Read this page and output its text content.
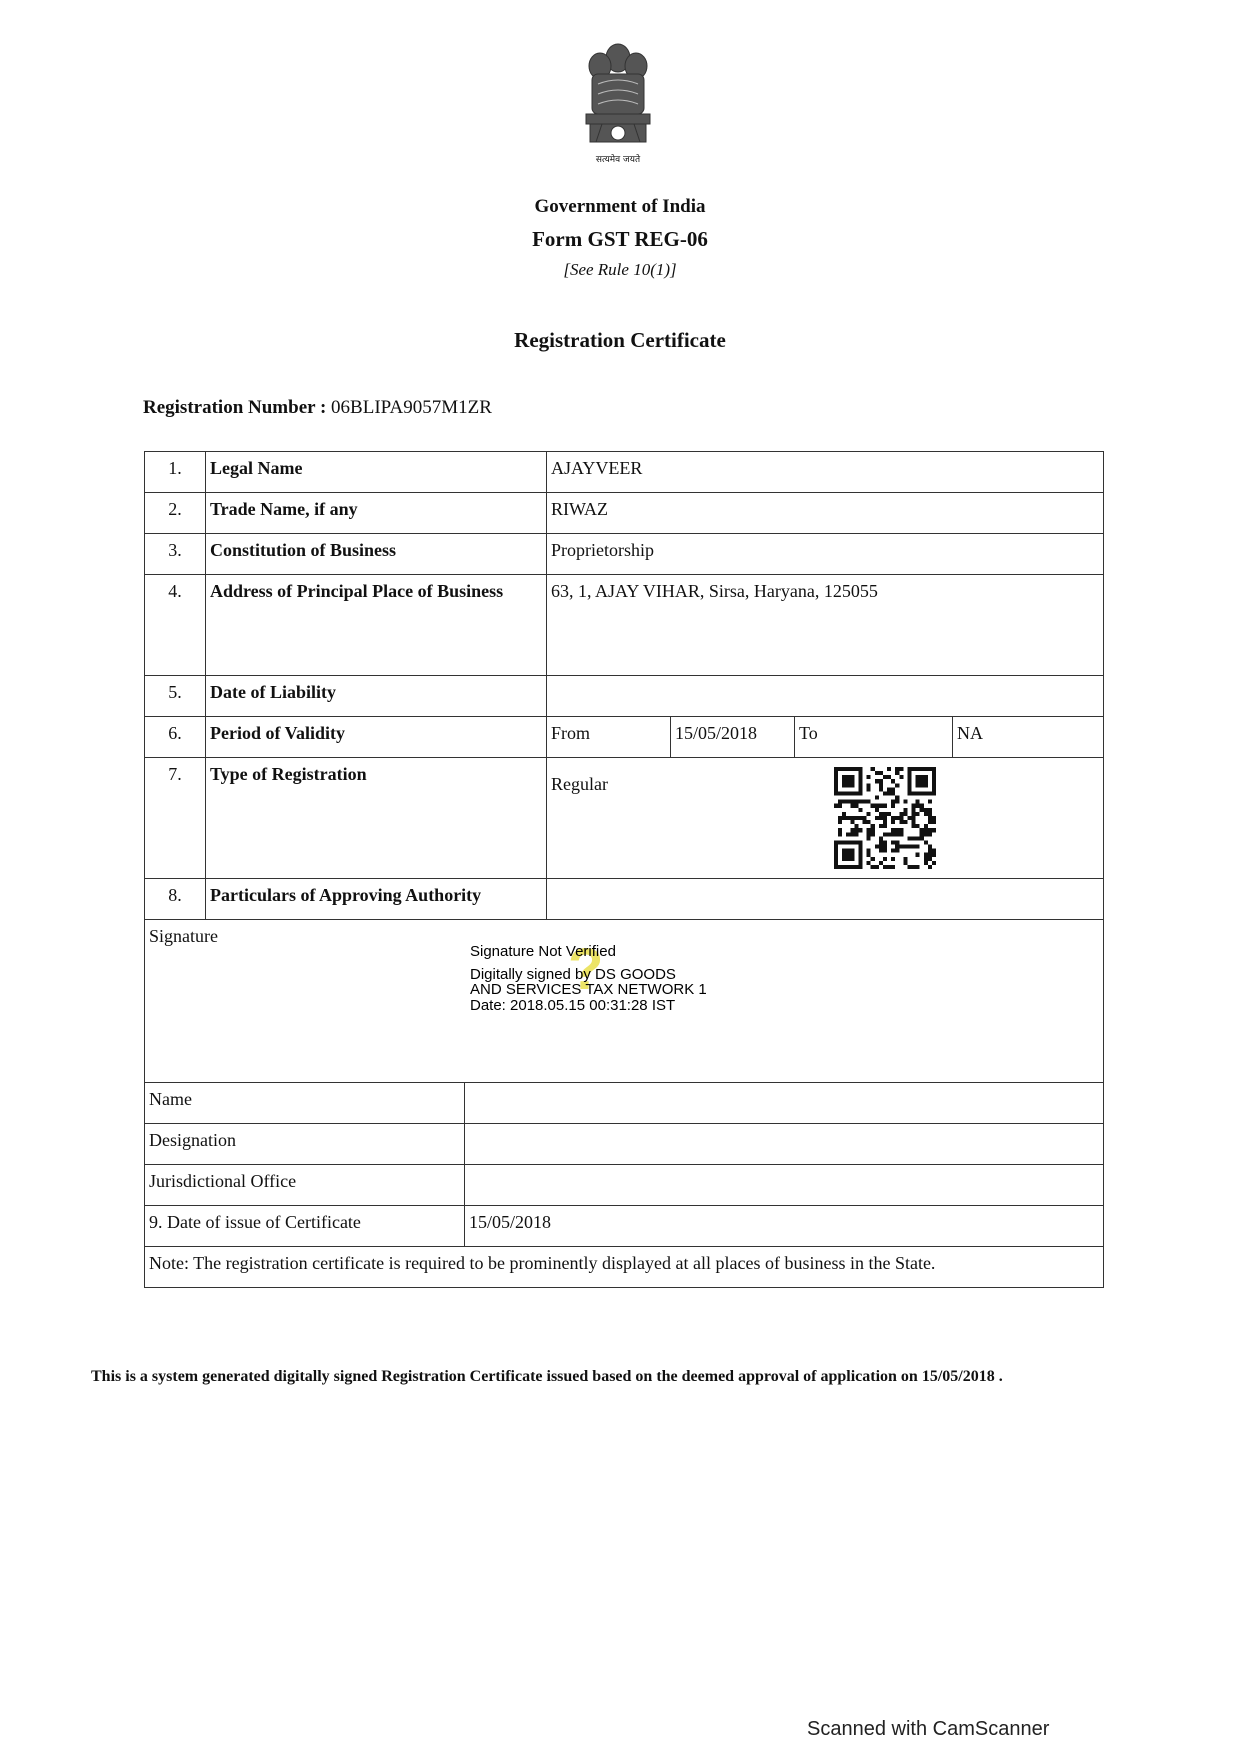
सत्यमेव जयते
Government of India
Form GST REG-06
[See Rule 10(1)]
Registration Certificate
Registration Number : 06BLIPA9057M1ZR
1.	Legal Name	AJAYVEER			
2.	Trade Name, if any	RIWAZ			
3.	Constitution of Business	Proprietorship			
4.	Address of Principal Place of Business	63, 1, AJAY VIHAR, Sirsa, Haryana, 125055			
5.	Date of Liability				
6.	Period of Validity	From	15/05/2018	To	NA
7.	Type of Registration	Regular			
8.	Particulars of Approving Authority				
Signature	
Name	
Designation	
Jurisdictional Office	
9. Date of issue of Certificate	15/05/2018
Note: The registration certificate is required to be prominently displayed at all places of business in the State.	
?
Signature Not Verified
Digitally signed by DS GOODS
AND SERVICES TAX NETWORK 1
Date: 2018.05.15 00:31:28 IST
This is a system generated digitally signed Registration Certificate issued based on the deemed approval of application on 15/05/2018 .
Scanned with CamScanner
